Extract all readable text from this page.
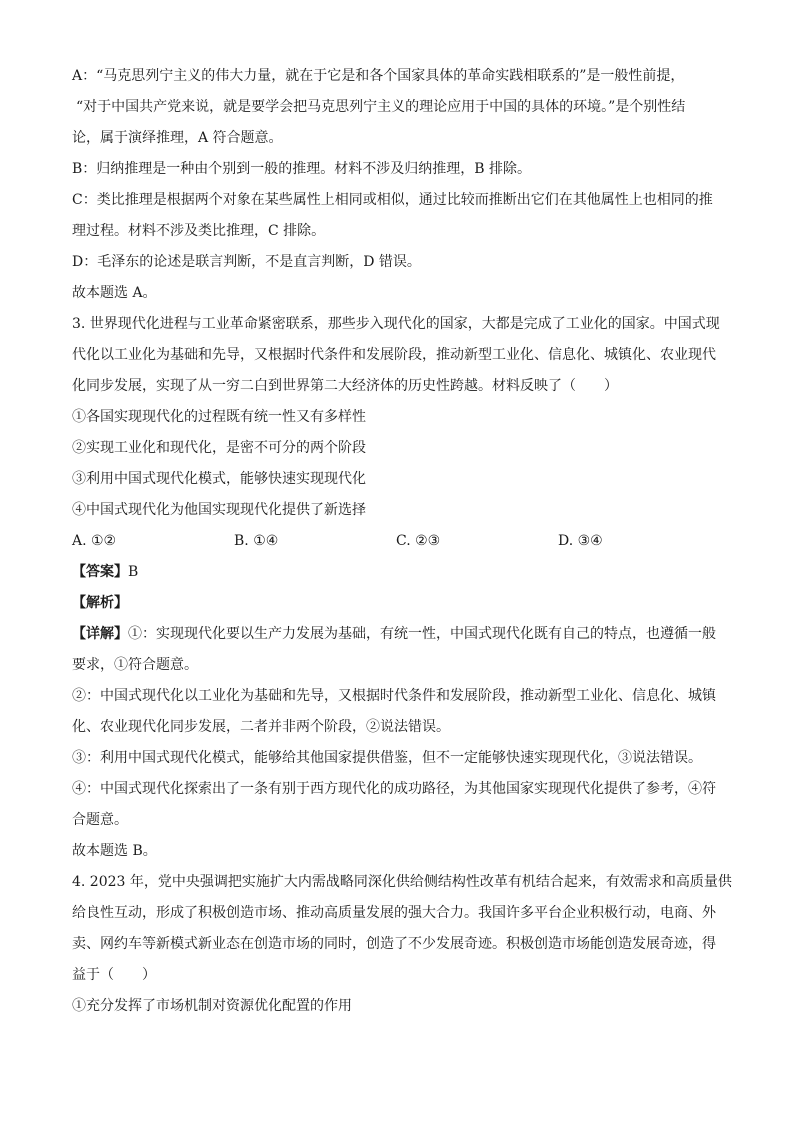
A：“马克思列宁主义的伟大力量，就在于它是和各个国家具体的革命实践相联系的”是一般性前提，
“对于中国共产党来说，就是要学会把马克思列宁主义的理论应用于中国的具体的环境。”是个别性结
论，属于演绎推理，A 符合题意。
B：归纳推理是一种由个别到一般的推理。材料不涉及归纳推理，B 排除。
C：类比推理是根据两个对象在某些属性上相同或相似，通过比较而推断出它们在其他属性上也相同的推
理过程。材料不涉及类比推理，C 排除。
D：毛泽东的论述是联言判断，不是直言判断，D 错误。
故本题选 A。
3. 世界现代化进程与工业革命紧密联系，那些步入现代化的国家，大都是完成了工业化的国家。中国式现
代化以工业化为基础和先导，又根据时代条件和发展阶段，推动新型工业化、信息化、城镇化、农业现代
化同步发展，实现了从一穷二白到世界第二大经济体的历史性跨越。材料反映了（　　）
①各国实现现代化的过程既有统一性又有多样性
②实现工业化和现代化，是密不可分的两个阶段
③利用中国式现代化模式，能够快速实现现代化
④中国式现代化为他国实现现代化提供了新选择
A. ①②	B. ①④	C. ②③	D. ③④
【答案】B
【解析】
【详解】①：实现现代化要以生产力发展为基础，有统一性，中国式现代化既有自己的特点，也遵循一般
要求，①符合题意。
②：中国式现代化以工业化为基础和先导，又根据时代条件和发展阶段，推动新型工业化、信息化、城镇
化、农业现代化同步发展，二者并非两个阶段，②说法错误。
③：利用中国式现代化模式，能够给其他国家提供借鉴，但不一定能够快速实现现代化，③说法错误。
④：中国式现代化探索出了一条有别于西方现代化的成功路径，为其他国家实现现代化提供了参考，④符
合题意。
故本题选 B。
4. 2023 年，党中央强调把实施扩大内需战略同深化供给侧结构性改革有机结合起来，有效需求和高质量供
给良性互动，形成了积极创造市场、推动高质量发展的强大合力。我国许多平台企业积极行动，电商、外
卖、网约车等新模式新业态在创造市场的同时，创造了不少发展奇迹。积极创造市场能创造发展奇迹，得
益于（　　）
①充分发挥了市场机制对资源优化配置的作用
